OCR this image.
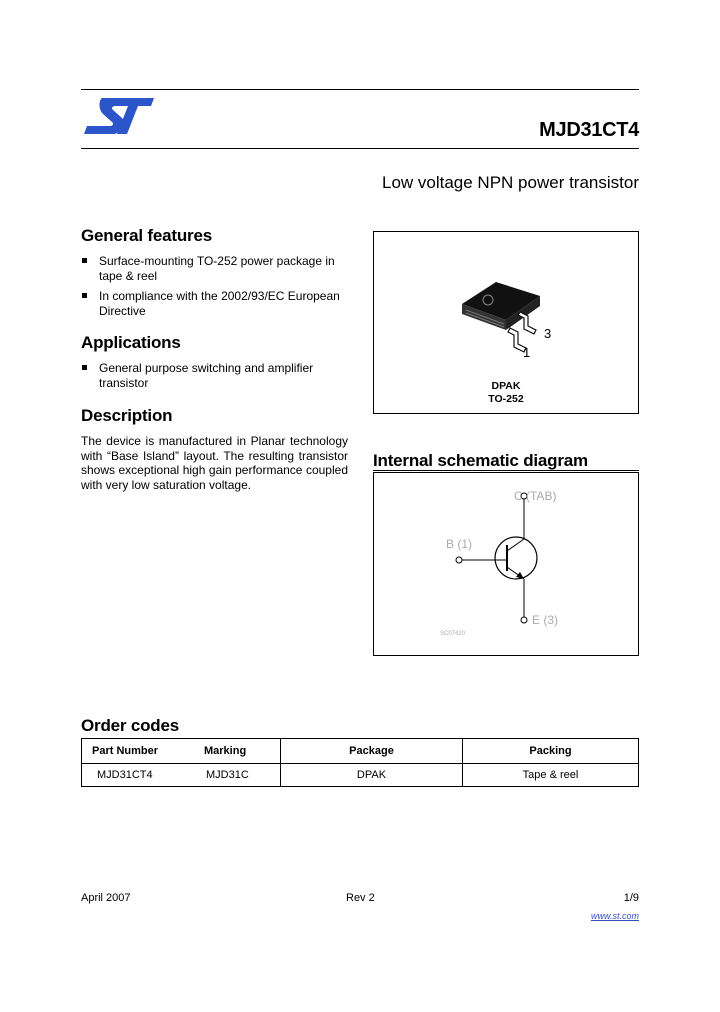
MJD31CT4
Low voltage NPN power transistor
General features
Surface-mounting TO-252 power package in tape & reel
In compliance with the 2002/93/EC European Directive
Applications
General purpose switching and amplifier transistor
Description
The device is manufactured in Planar technology with “Base Island” layout. The resulting transistor shows exceptional high gain performance coupled with very low saturation voltage.
3
1
DPAK
TO-252
Internal schematic diagram
C (TAB)
B (1)
E (3)
SC07420
Order codes
Part Number	Marking	Package	Packing
MJD31CT4	MJD31C	DPAK	Tape & reel
April 2007	Rev 2	1/9
www.st.com
